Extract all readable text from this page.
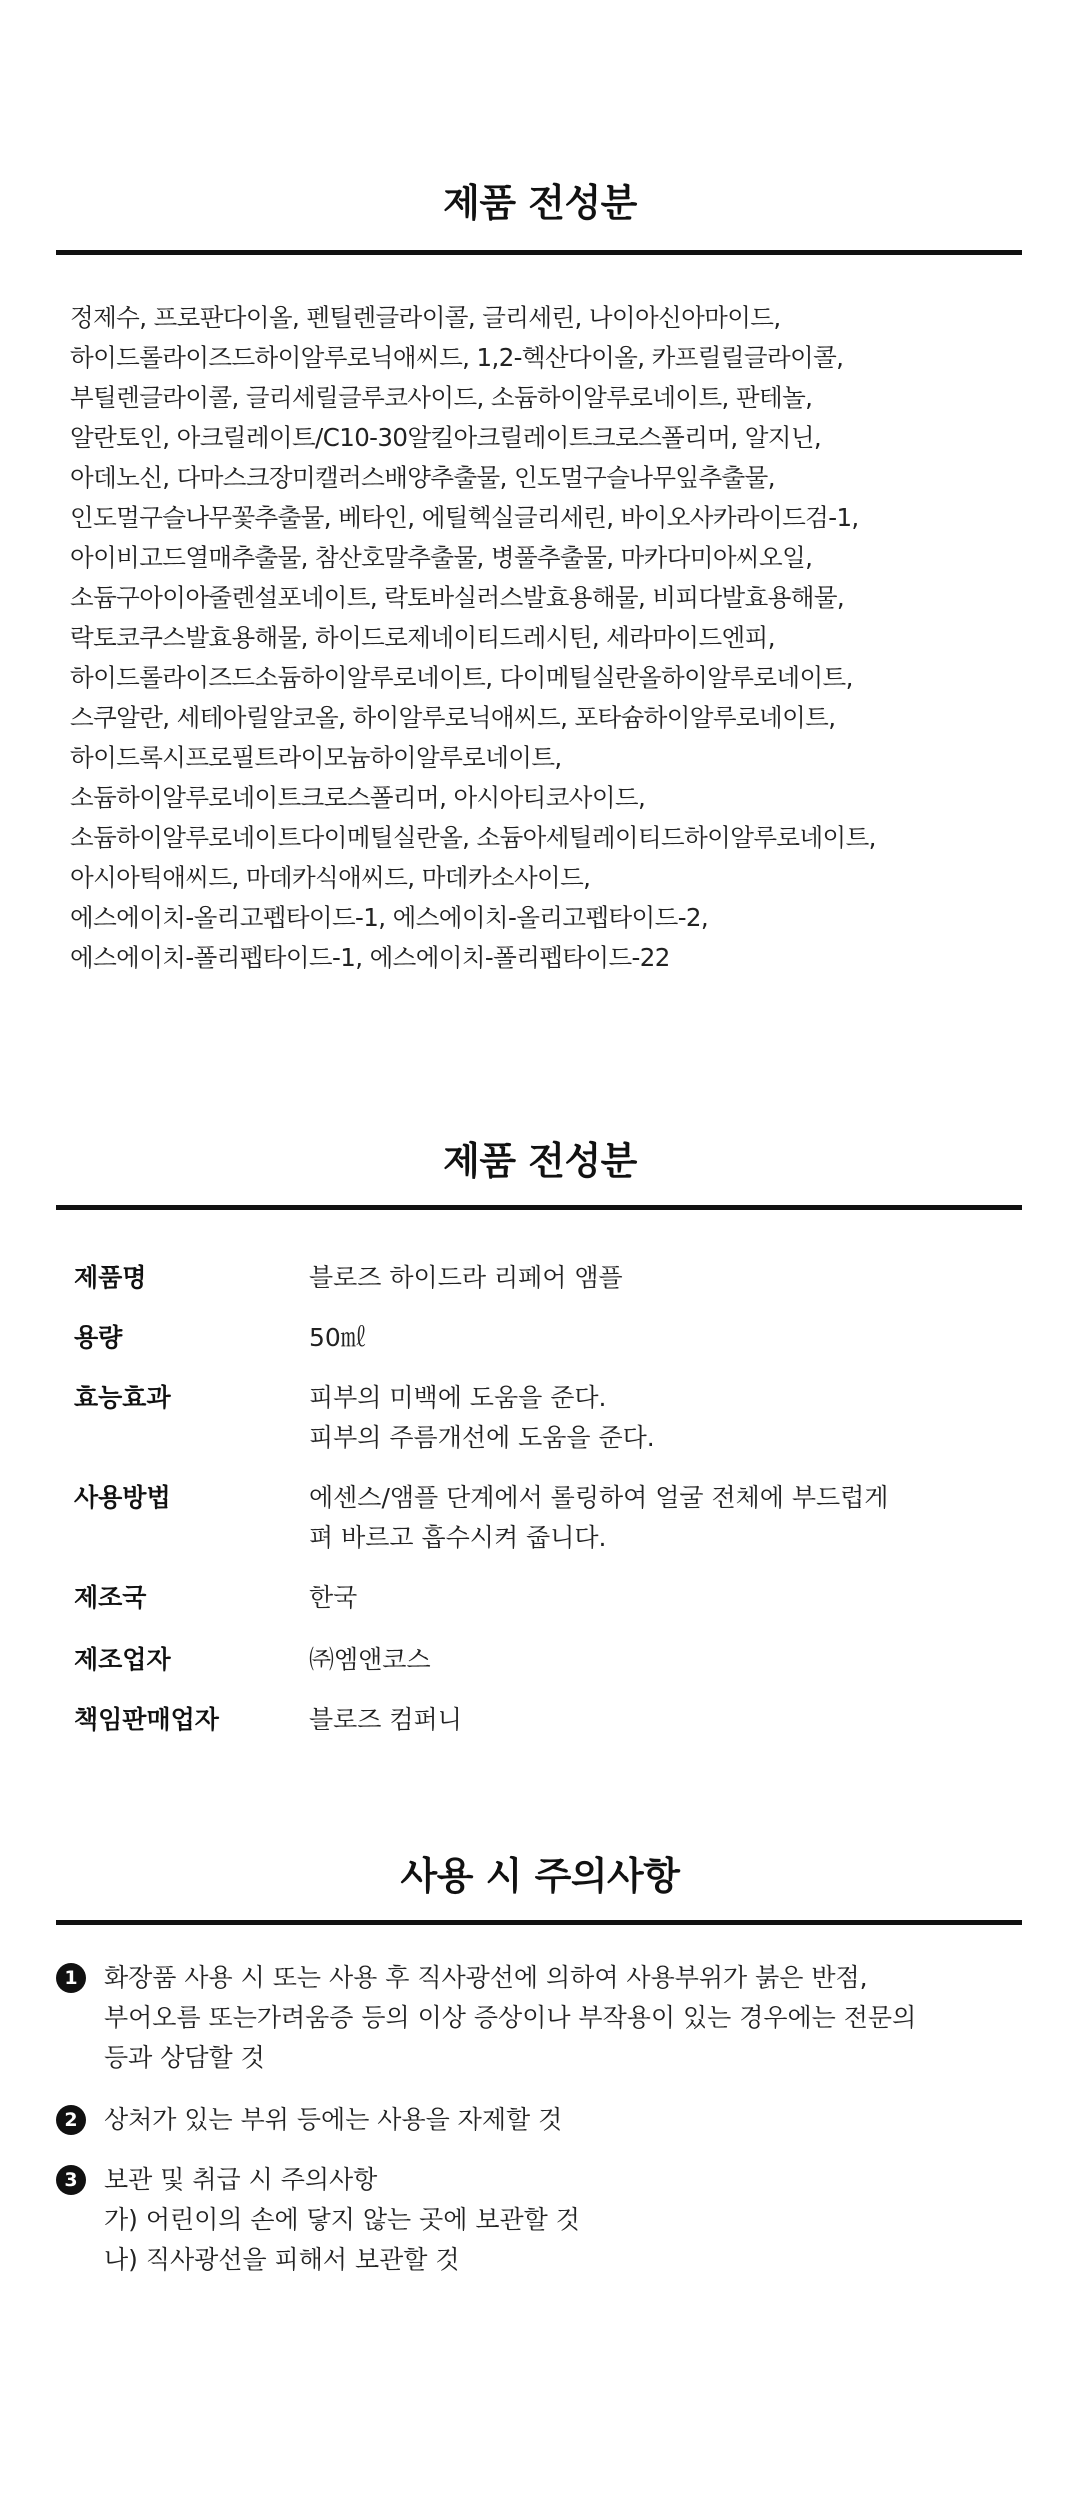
제품 전성분
정제수, 프로판다이올, 펜틸렌글라이콜, 글리세린, 나이아신아마이드,
하이드롤라이즈드하이알루로닉애씨드, 1,2-헥산다이올, 카프릴릴글라이콜,
부틸렌글라이콜, 글리세릴글루코사이드, 소듐하이알루로네이트, 판테놀,
알란토인, 아크릴레이트/C10-30알킬아크릴레이트크로스폴리머, 알지닌,
아데노신, 다마스크장미캘러스배양추출물, 인도멀구슬나무잎추출물,
인도멀구슬나무꽃추출물, 베타인, 에틸헥실글리세린, 바이오사카라이드검-1,
아이비고드열매추출물, 참산호말추출물, 병풀추출물, 마카다미아씨오일,
소듐구아이아줄렌설포네이트, 락토바실러스발효용해물, 비피다발효용해물,
락토코쿠스발효용해물, 하이드로제네이티드레시틴, 세라마이드엔피,
하이드롤라이즈드소듐하이알루로네이트, 다이메틸실란올하이알루로네이트,
스쿠알란, 세테아릴알코올, 하이알루로닉애씨드, 포타슘하이알루로네이트,
하이드록시프로필트라이모늄하이알루로네이트,
소듐하이알루로네이트크로스폴리머, 아시아티코사이드,
소듐하이알루로네이트다이메틸실란올, 소듐아세틸레이티드하이알루로네이트,
아시아틱애씨드, 마데카식애씨드, 마데카소사이드,
에스에이치-올리고펩타이드-1, 에스에이치-올리고펩타이드-2,
에스에이치-폴리펩타이드-1, 에스에이치-폴리펩타이드-22
제품 전성분
제품명	블로즈 하이드라 리페어 앰플
용량	50㎖
효능효과	피부의 미백에 도움을 준다.
피부의 주름개선에 도움을 준다.
사용방법	에센스/앰플 단계에서 롤링하여 얼굴 전체에 부드럽게
펴 바르고 흡수시켜 줍니다.
제조국	한국
제조업자	㈜엠앤코스
책임판매업자	블로즈 컴퍼니
사용 시 주의사항
1	화장품 사용 시 또는 사용 후 직사광선에 의하여 사용부위가 붉은 반점,
부어오름 또는가려움증 등의 이상 증상이나 부작용이 있는 경우에는 전문의
등과 상담할 것
2	상처가 있는 부위 등에는 사용을 자제할 것
3	보관 및 취급 시 주의사항
가) 어린이의 손에 닿지 않는 곳에 보관할 것
나) 직사광선을 피해서 보관할 것
